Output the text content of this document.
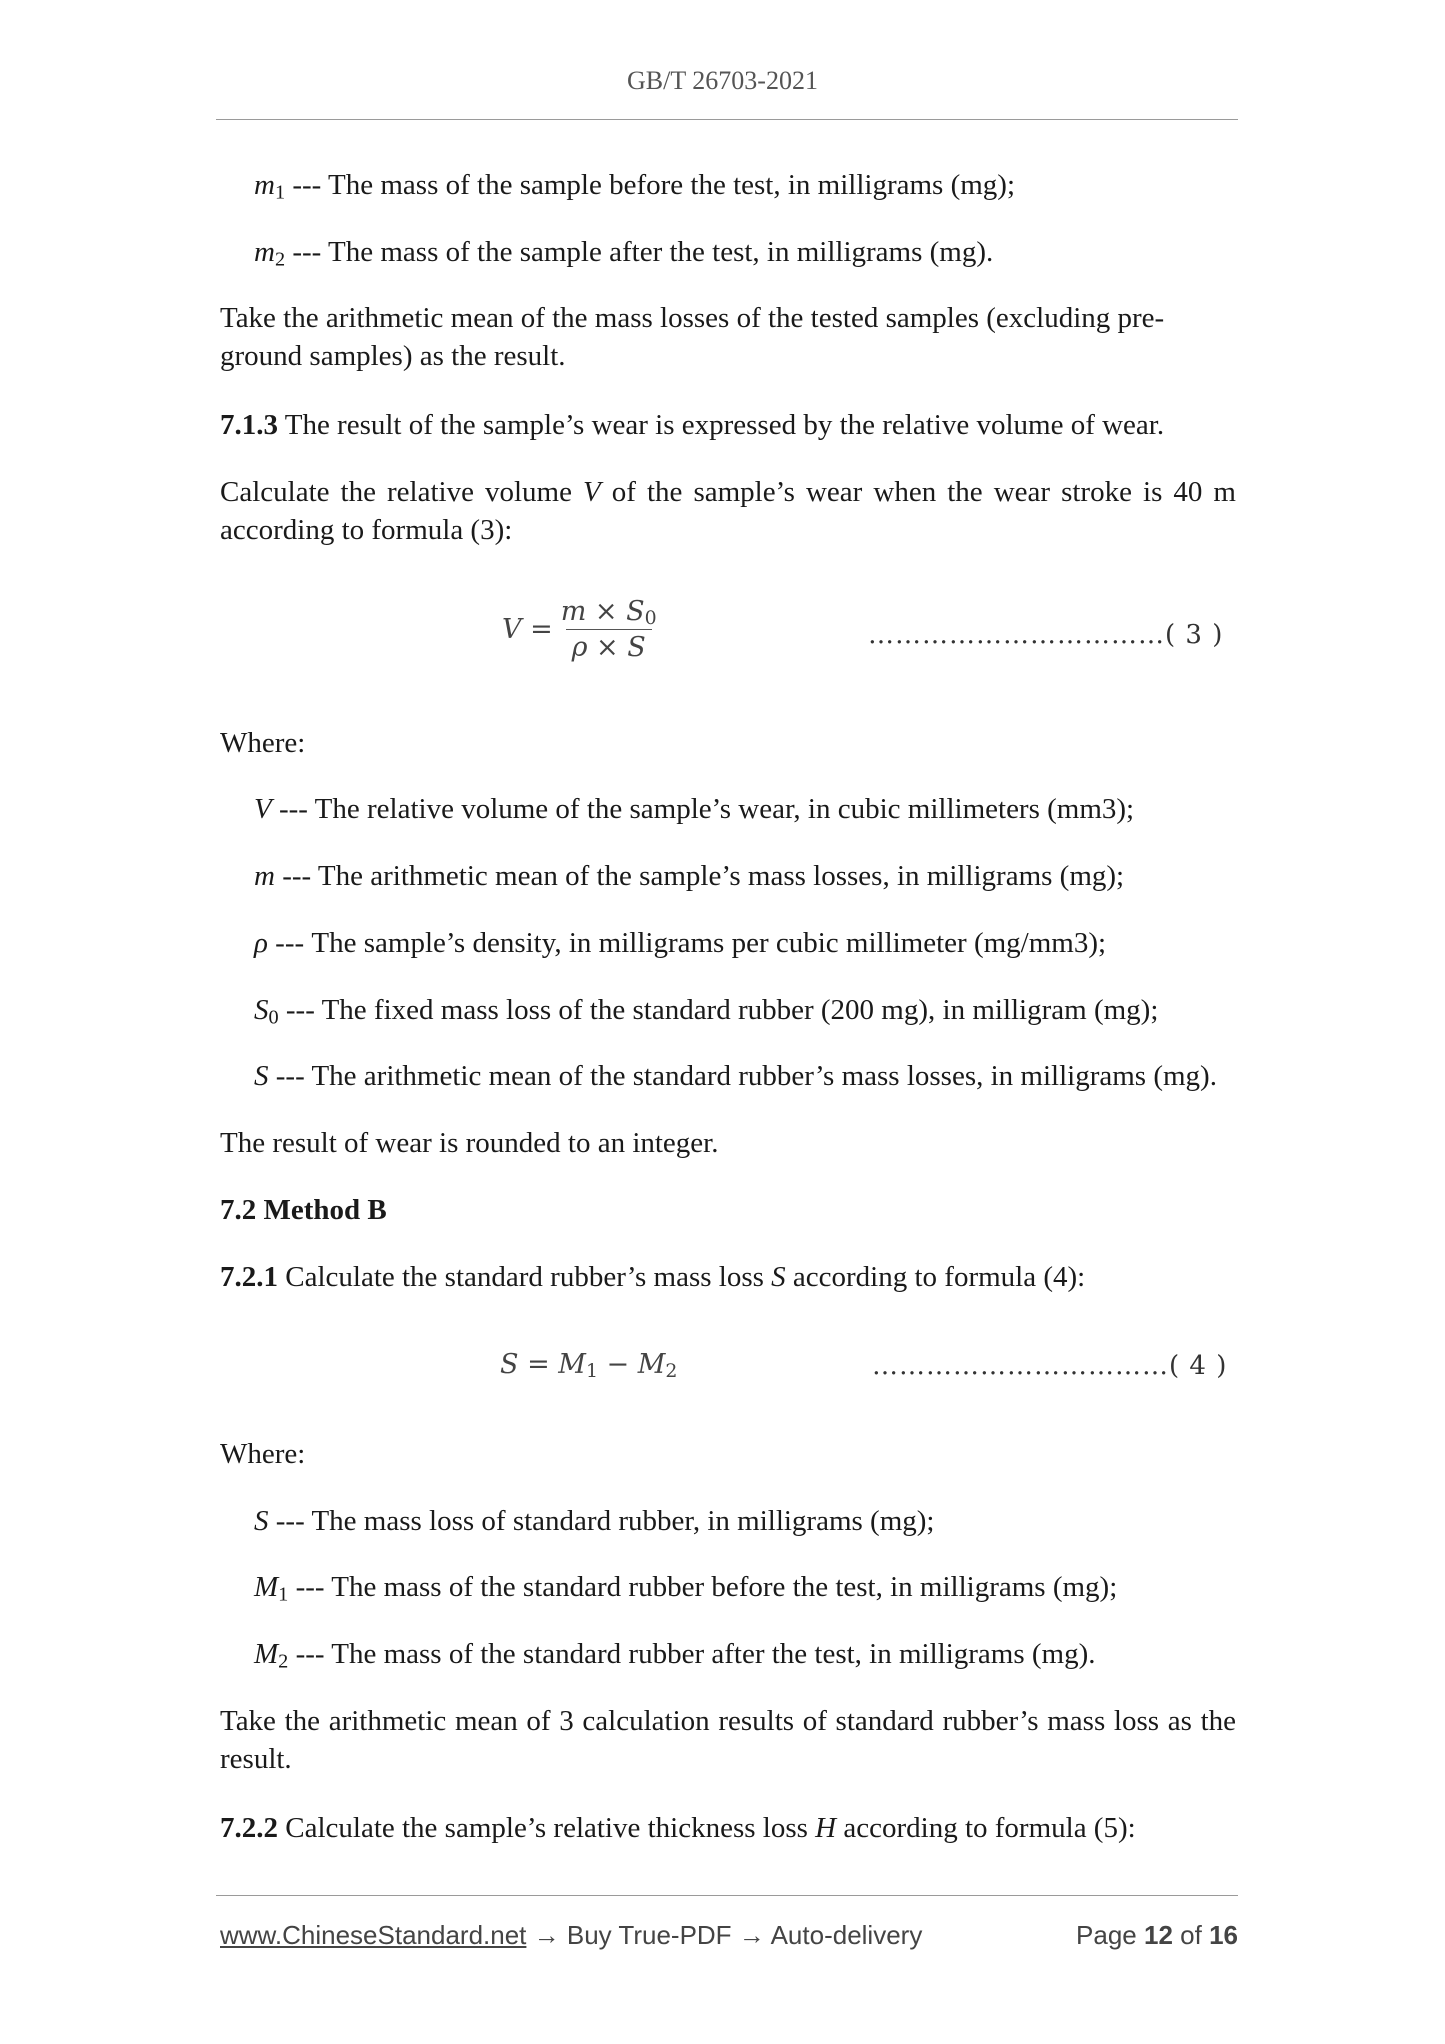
GB/T 26703-2021
$m_1$ --- The mass of the sample before the test, in milligrams (mg);
$m_2$ --- The mass of the sample after the test, in milligrams (mg).
Take the arithmetic mean of the mass losses of the tested samples (excluding pre-ground samples) as the result.
7.1.3 The result of the sample’s wear is expressed by the relative volume of wear.
Calculate the relative volume V of the sample’s wear when the wear stroke is 40 m according to formula (3):
$V = \frac{m \times S_0}{\rho \times S}$	……………………………( 3 )
Where:
V --- The relative volume of the sample’s wear, in cubic millimeters (mm3);
m --- The arithmetic mean of the sample’s mass losses, in milligrams (mg);
ρ --- The sample’s density, in milligrams per cubic millimeter (mg/mm3);
$S_0$ --- The fixed mass loss of the standard rubber (200 mg), in milligram (mg);
S --- The arithmetic mean of the standard rubber’s mass losses, in milligrams (mg).
The result of wear is rounded to an integer.
7.2 Method B
7.2.1 Calculate the standard rubber’s mass loss S according to formula (4):
$S = M_1 - M_2$	……………………………( 4 )
Where:
S --- The mass loss of standard rubber, in milligrams (mg);
$M_1$ --- The mass of the standard rubber before the test, in milligrams (mg);
$M_2$ --- The mass of the standard rubber after the test, in milligrams (mg).
Take the arithmetic mean of 3 calculation results of standard rubber’s mass loss as the result.
7.2.2 Calculate the sample’s relative thickness loss H according to formula (5):
www.ChineseStandard.net → Buy True-PDF → Auto-delivery	Page 12 of 16
